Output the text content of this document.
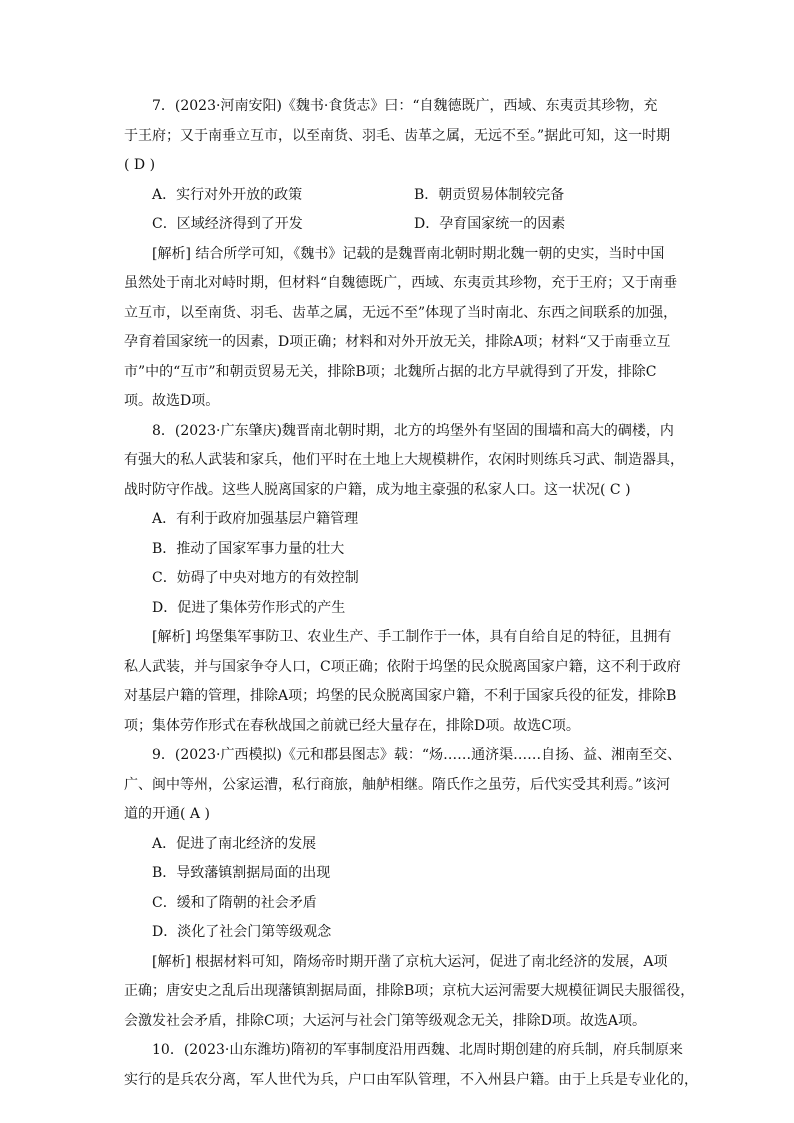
7．(2023·河南安阳)《魏书·食货志》曰：“自魏德既广，西域、东夷贡其珍物，充
于王府；又于南垂立互市，以至南货、羽毛、齿革之属，无远不至。”据此可知，这一时期
( D )
A．实行对外开放的政策	B．朝贡贸易体制较完备
C．区域经济得到了开发	D．孕育国家统一的因素
[解析] 结合所学可知，《魏书》记载的是魏晋南北朝时期北魏一朝的史实，当时中国
虽然处于南北对峙时期，但材料“自魏德既广，西域、东夷贡其珍物，充于王府；又于南垂
立互市，以至南货、羽毛、齿革之属，无远不至”体现了当时南北、东西之间联系的加强，
孕育着国家统一的因素，D项正确；材料和对外开放无关，排除A项；材料“又于南垂立互
市”中的“互市”和朝贡贸易无关，排除B项；北魏所占据的北方早就得到了开发，排除C
项。故选D项。
8．(2023·广东肇庆)魏晋南北朝时期，北方的坞堡外有坚固的围墙和高大的碉楼，内
有强大的私人武装和家兵，他们平时在土地上大规模耕作，农闲时则练兵习武、制造器具，
战时防守作战。这些人脱离国家的户籍，成为地主豪强的私家人口。这一状况( C )
A．有利于政府加强基层户籍管理
B．推动了国家军事力量的壮大
C．妨碍了中央对地方的有效控制
D．促进了集体劳作形式的产生
[解析] 坞堡集军事防卫、农业生产、手工制作于一体，具有自给自足的特征，且拥有
私人武装，并与国家争夺人口，C项正确；依附于坞堡的民众脱离国家户籍，这不利于政府
对基层户籍的管理，排除A项；坞堡的民众脱离国家户籍，不利于国家兵役的征发，排除B
项；集体劳作形式在春秋战国之前就已经大量存在，排除D项。故选C项。
9．(2023·广西模拟)《元和郡县图志》载：“炀……通济渠……自扬、益、湘南至交、
广、闽中等州，公家运漕，私行商旅，舳舻相继。隋氏作之虽劳，后代实受其利焉。”该河
道的开通( A )
A．促进了南北经济的发展
B．导致藩镇割据局面的出现
C．缓和了隋朝的社会矛盾
D．淡化了社会门第等级观念
[解析] 根据材料可知，隋炀帝时期开凿了京杭大运河，促进了南北经济的发展，A项
正确；唐安史之乱后出现藩镇割据局面，排除B项；京杭大运河需要大规模征调民夫服徭役，
会激发社会矛盾，排除C项；大运河与社会门第等级观念无关，排除D项。故选A项。
10．(2023·山东潍坊)隋初的军事制度沿用西魏、北周时期创建的府兵制，府兵制原来
实行的是兵农分离，军人世代为兵，户口由军队管理，不入州县户籍。由于上兵是专业化的，
